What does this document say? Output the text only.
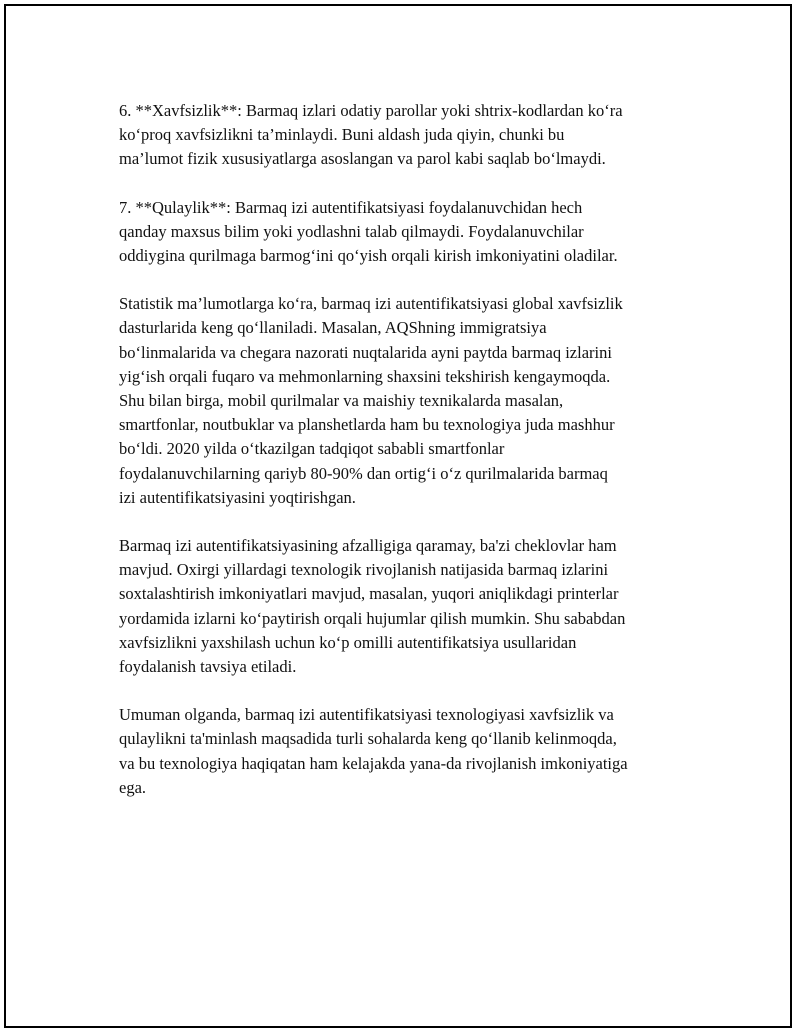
6. **Xavfsizlik**: Barmaq izlari odatiy parollar yoki shtrix-kodlardan ko‘ra
ko‘proq xavfsizlikni ta’minlaydi. Buni aldash juda qiyin, chunki bu
ma’lumot fizik xususiyatlarga asoslangan va parol kabi saqlab bo‘lmaydi.

7. **Qulaylik**: Barmaq izi autentifikatsiyasi foydalanuvchidan hech
qanday maxsus bilim yoki yodlashni talab qilmaydi. Foydalanuvchilar
oddiygina qurilmaga barmog‘ini qo‘yish orqali kirish imkoniyatini oladilar.

Statistik ma’lumotlarga ko‘ra, barmaq izi autentifikatsiyasi global xavfsizlik
dasturlarida keng qo‘llaniladi. Masalan, AQShning immigratsiya
bo‘linmalarida va chegara nazorati nuqtalarida ayni paytda barmaq izlarini
yig‘ish orqali fuqaro va mehmonlarning shaxsini tekshirish kengaymoqda.
Shu bilan birga, mobil qurilmalar va maishiy texnikalarda masalan,
smartfonlar, noutbuklar va planshetlarda ham bu texnologiya juda mashhur
bo‘ldi. 2020 yilda o‘tkazilgan tadqiqot sababli smartfonlar
foydalanuvchilarning qariyb 80-90% dan ortig‘i o‘z qurilmalarida barmaq
izi autentifikatsiyasini yoqtirishgan.

Barmaq izi autentifikatsiyasining afzalligiga qaramay, ba'zi cheklovlar ham
mavjud. Oxirgi yillardagi texnologik rivojlanish natijasida barmaq izlarini
soxtalashtirish imkoniyatlari mavjud, masalan, yuqori aniqlikdagi printerlar
yordamida izlarni ko‘paytirish orqali hujumlar qilish mumkin. Shu sababdan
xavfsizlikni yaxshilash uchun ko‘p omilli autentifikatsiya usullaridan
foydalanish tavsiya etiladi.

Umuman olganda, barmaq izi autentifikatsiyasi texnologiyasi xavfsizlik va
qulaylikni ta'minlash maqsadida turli sohalarda keng qo‘llanib kelinmoqda,
va bu texnologiya haqiqatan ham kelajakda yana-da rivojlanish imkoniyatiga
ega.
